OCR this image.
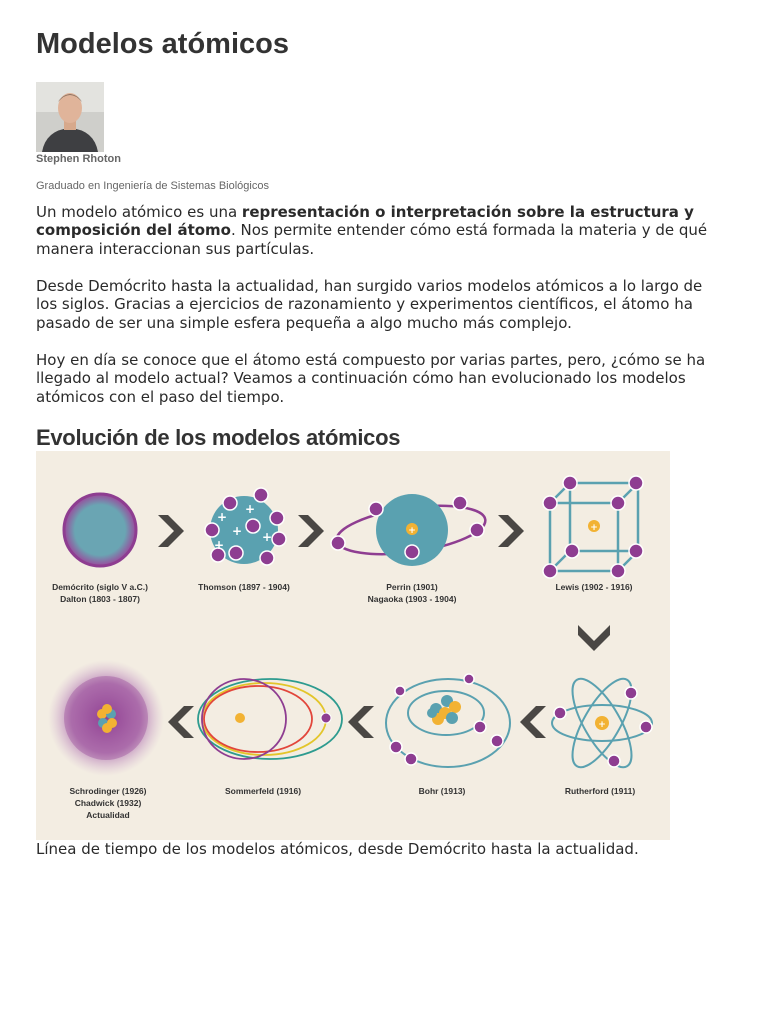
Modelos atómicos
Stephen Rhoton
Graduado en Ingeniería de Sistemas Biológicos

Un modelo atómico es una representación o interpretación sobre la estructura y composición del átomo. Nos permite entender cómo está formada la materia y de qué manera interaccionan sus partículas.

Desde Demócrito hasta la actualidad, han surgido varios modelos atómicos a lo largo de los siglos. Gracias a ejercicios de razonamiento y experimentos científicos, el átomo ha pasado de ser una simple esfera pequeña a algo mucho más complejo.

Hoy en día se conoce que el átomo está compuesto por varias partes, pero, ¿cómo se ha llegado al modelo actual? Veamos a continuación cómo han evolucionado los modelos atómicos con el paso del tiempo.

Evolución de los modelos atómicos
+
+
+ +
+
+	+
+
Demócrito (siglo V a.C.)
Dalton (1803 - 1807)
Thomson (1897 - 1904)	Perrin (1901)
Nagaoka (1903 - 1904)
Lewis (1902 - 1916)
Rutherford (1911)
Bohr (1913)
Sommerfeld (1916)
Schrodinger (1926)
Chadwick (1932)
Actualidad
Línea de tiempo de los modelos atómicos, desde Demócrito hasta la actualidad.
